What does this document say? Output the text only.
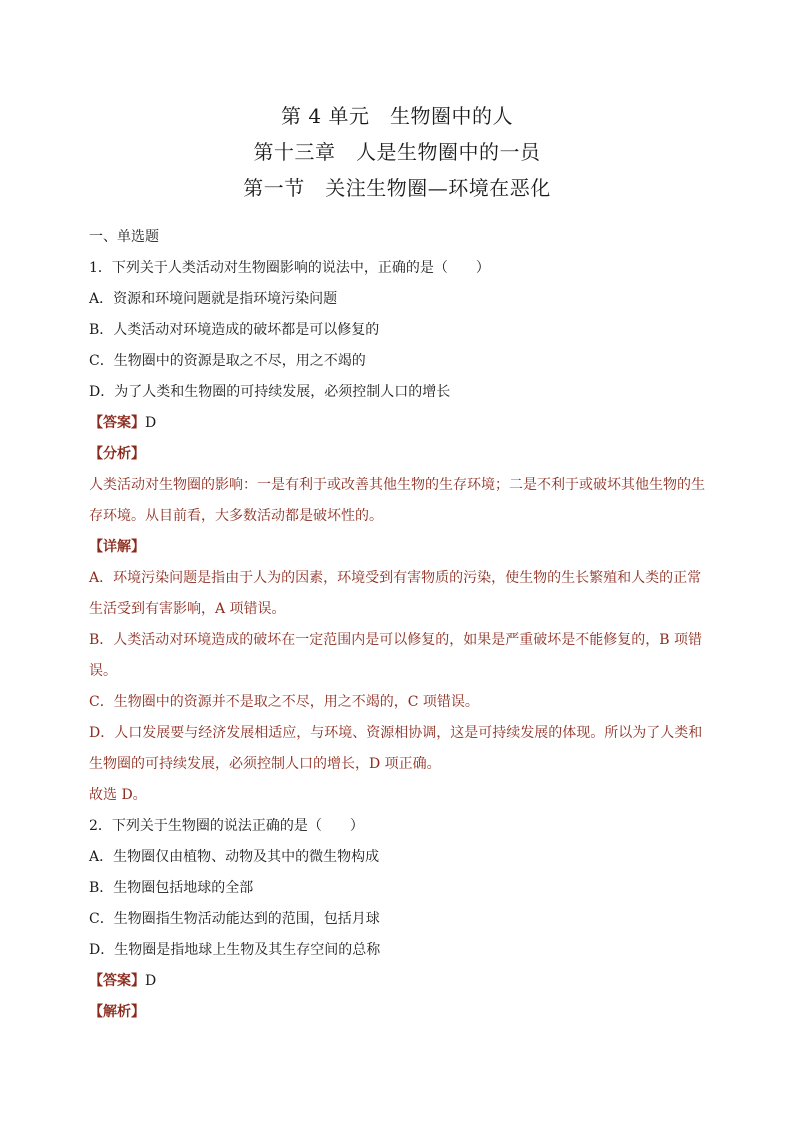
第 4 单元　生物圈中的人
第十三章　人是生物圈中的一员
第一节　关注生物圈—环境在恶化
一、单选题
1．下列关于人类活动对生物圈影响的说法中，正确的是（　　）
A．资源和环境问题就是指环境污染问题
B．人类活动对环境造成的破坏都是可以修复的
C．生物圈中的资源是取之不尽，用之不竭的
D．为了人类和生物圈的可持续发展，必须控制人口的增长
【答案】D
【分析】

人类活动对生物圈的影响：一是有利于或改善其他生物的生存环境；二是不利于或破坏其他生物的生存环境。从目前看，大多数活动都是破坏性的。

【详解】

A．环境污染问题是指由于人为的因素，环境受到有害物质的污染，使生物的生长繁殖和人类的正常生活受到有害影响，A 项错误。

B．人类活动对环境造成的破坏在一定范围内是可以修复的，如果是严重破坏是不能修复的，B 项错误。

C．生物圈中的资源并不是取之不尽，用之不竭的，C 项错误。

D．人口发展要与经济发展相适应，与环境、资源相协调，这是可持续发展的体现。所以为了人类和生物圈的可持续发展，必须控制人口的增长，D 项正确。

故选 D。
2．下列关于生物圈的说法正确的是（　　）
A．生物圈仅由植物、动物及其中的微生物构成
B．生物圈包括地球的全部
C．生物圈指生物活动能达到的范围，包括月球
D．生物圈是指地球上生物及其生存空间的总称
【答案】D
【解析】
